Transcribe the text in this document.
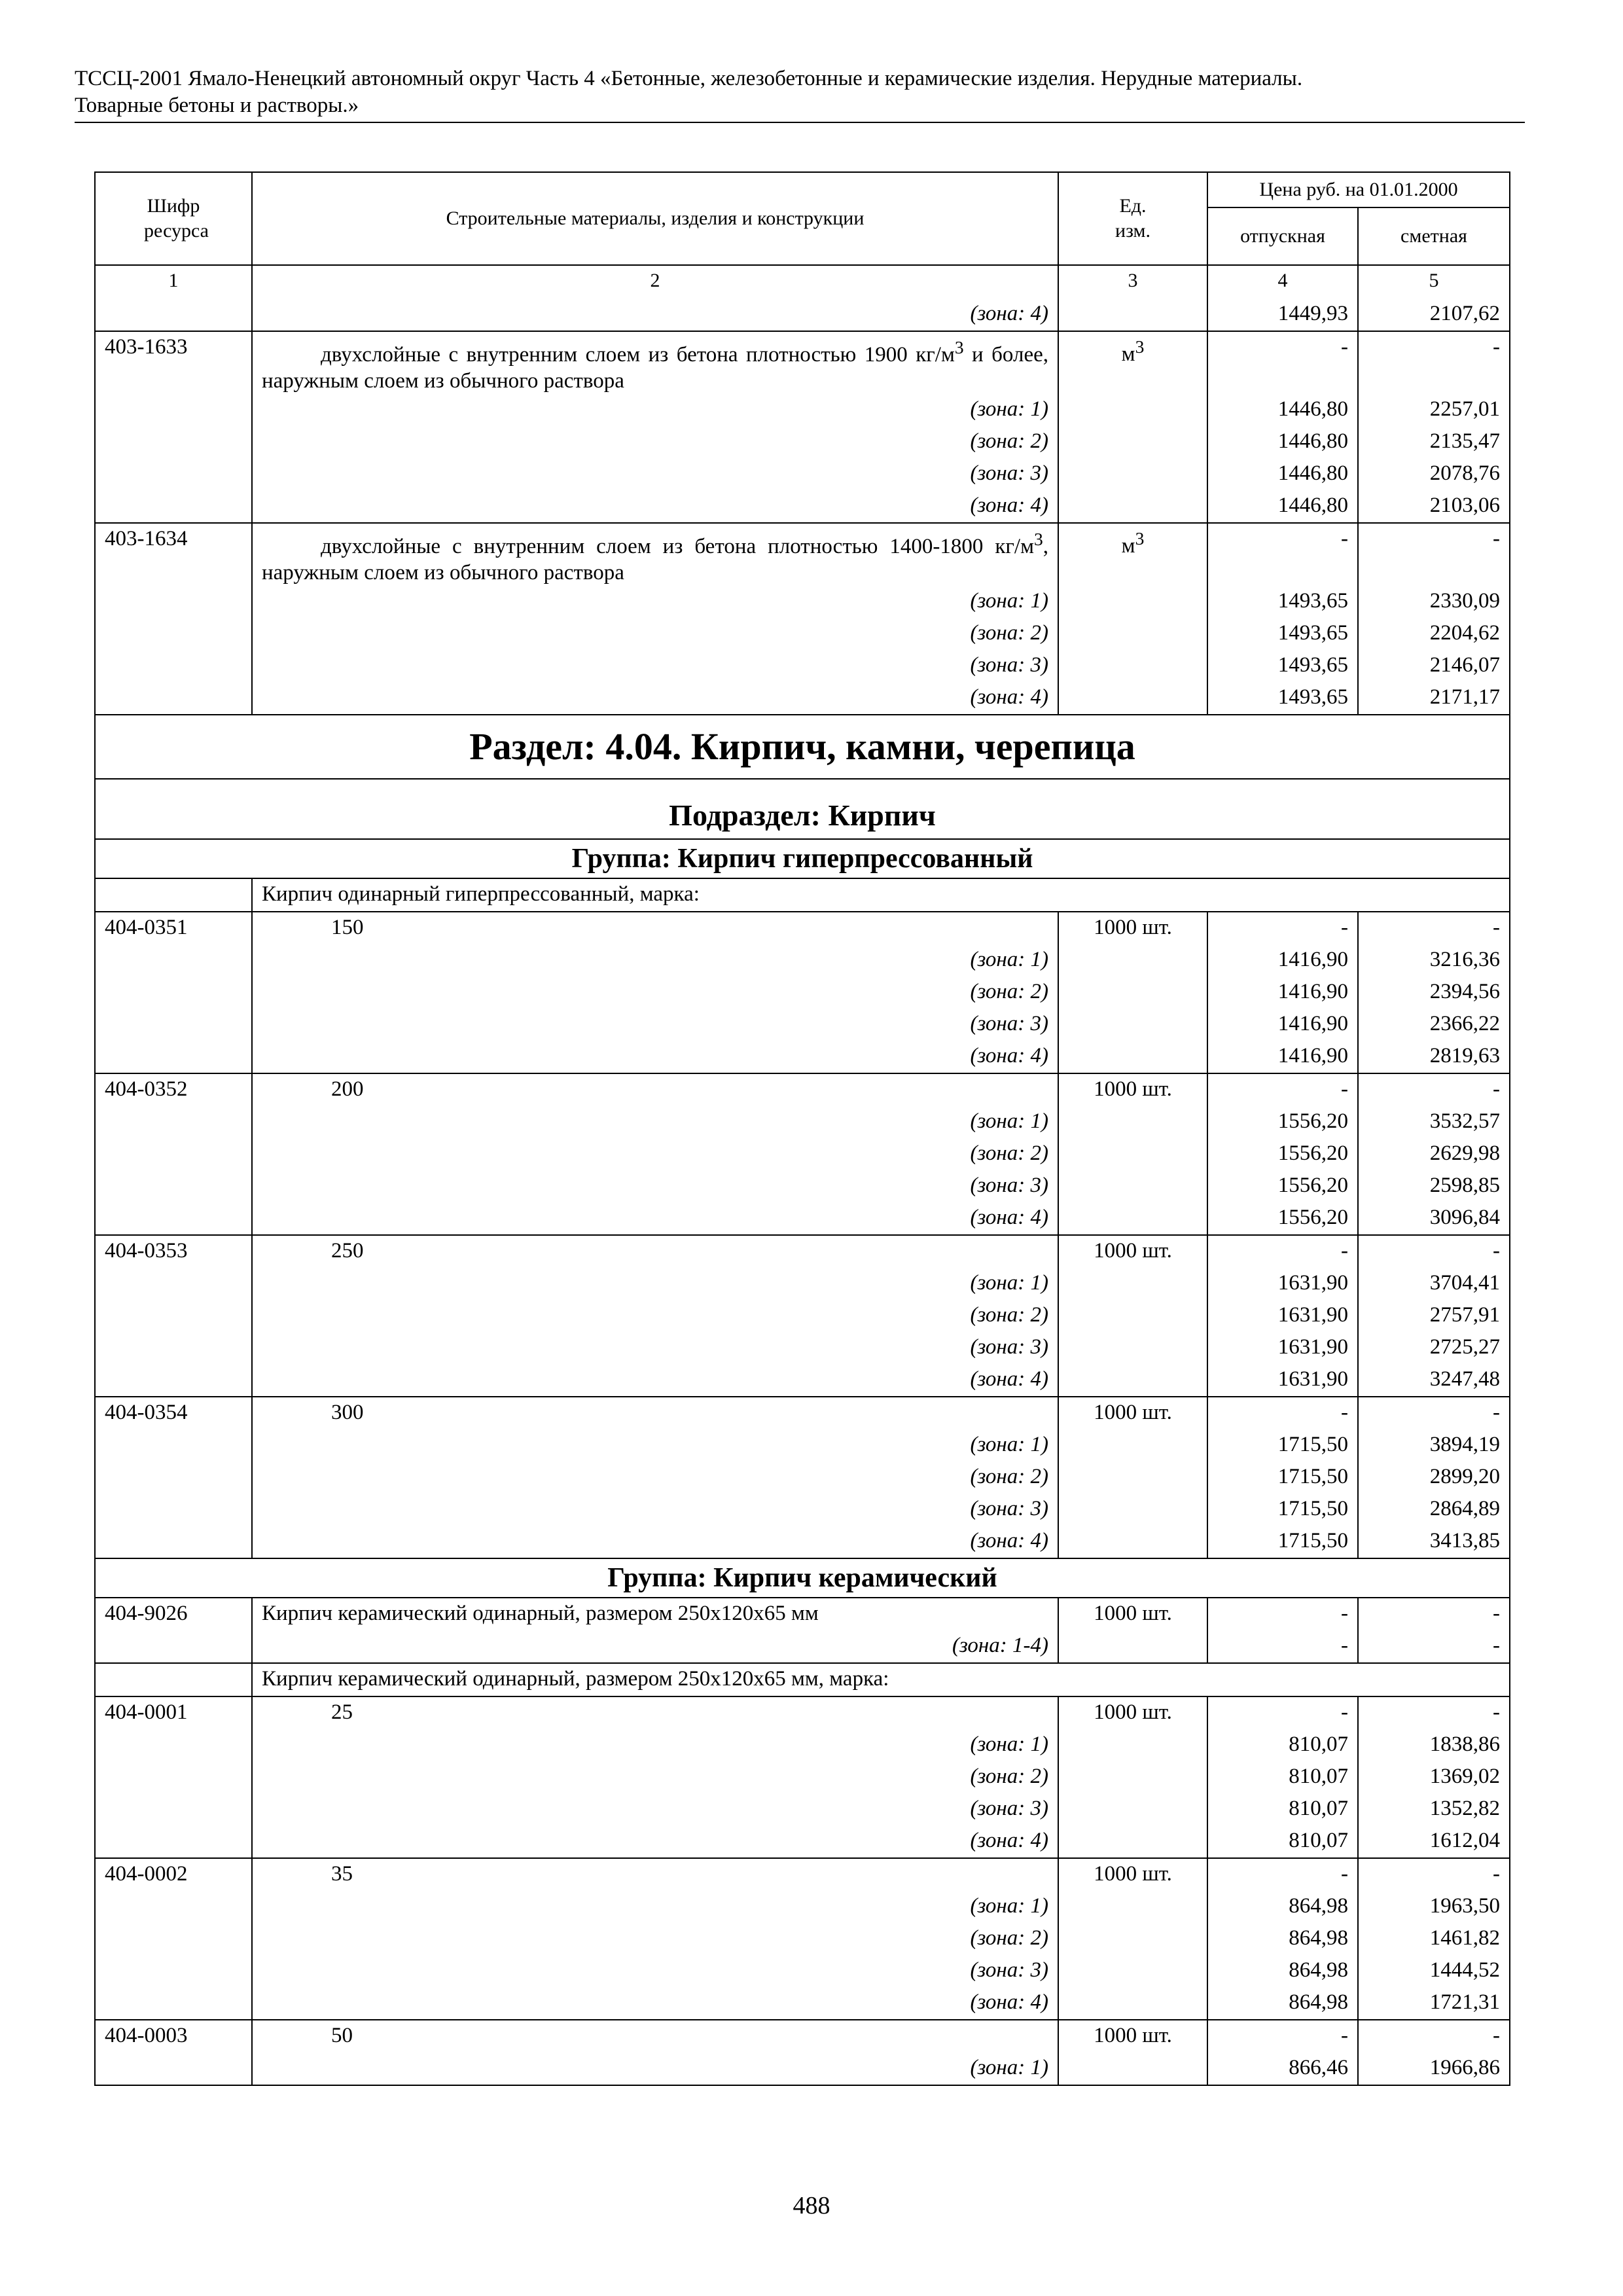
ТССЦ-2001 Ямало-Ненецкий автономный округ Часть 4 «Бетонные, железобетонные и керамические изделия. Нерудные материалы.
Товарные бетоны и растворы.»
Шифр ресурса	Строительные материалы, изделия и конструкции	Ед. изм.	Цена руб. на 01.01.2000	
			отпускная	сметная
1	2	3	4	5
	(зона: 4)		1449,93	2107,62
403-1633	двухслойные с внутренним слоем из бетона плотностью 1900 $кг/м^3$ и более, наружным слоем из обычного раствора	$м^3$	-	-
	(зона: 1)		1446,80	2257,01
	(зона: 2)		1446,80	2135,47
	(зона: 3)		1446,80	2078,76
	(зона: 4)		1446,80	2103,06
403-1634	двухслойные с внутренним слоем из бетона плотностью 1400-1800 $кг/м^3$, наружным слоем из обычного раствора	$м^3$	-	-
	(зона: 1)		1493,65	2330,09
	(зона: 2)		1493,65	2204,62
	(зона: 3)		1493,65	2146,07
	(зона: 4)		1493,65	2171,17
Раздел: 4.04. Кирпич, камни, черепица				
Подраздел: Кирпич				
Группа: Кирпич гиперпрессованный				
	Кирпич одинарный гиперпрессованный, марка:			
404-0351	150	1000 шт.	-	-
	(зона: 1)		1416,90	3216,36
	(зона: 2)		1416,90	2394,56
	(зона: 3)		1416,90	2366,22
	(зона: 4)		1416,90	2819,63
404-0352	200	1000 шт.	-	-
	(зона: 1)		1556,20	3532,57
	(зона: 2)		1556,20	2629,98
	(зона: 3)		1556,20	2598,85
	(зона: 4)		1556,20	3096,84
404-0353	250	1000 шт.	-	-
	(зона: 1)		1631,90	3704,41
	(зона: 2)		1631,90	2757,91
	(зона: 3)		1631,90	2725,27
	(зона: 4)		1631,90	3247,48
404-0354	300	1000 шт.	-	-
	(зона: 1)		1715,50	3894,19
	(зона: 2)		1715,50	2899,20
	(зона: 3)		1715,50	2864,89
	(зона: 4)		1715,50	3413,85
Группа: Кирпич керамический				
404-9026	Кирпич керамический одинарный, размером 250х120х65 мм	1000 шт.	-	-
	(зона: 1-4)		-	-
	Кирпич керамический одинарный, размером 250х120х65 мм, марка:			
404-0001	25	1000 шт.	-	-
	(зона: 1)		810,07	1838,86
	(зона: 2)		810,07	1369,02
	(зона: 3)		810,07	1352,82
	(зона: 4)		810,07	1612,04
404-0002	35	1000 шт.	-	-
	(зона: 1)		864,98	1963,50
	(зона: 2)		864,98	1461,82
	(зона: 3)		864,98	1444,52
	(зона: 4)		864,98	1721,31
404-0003	50	1000 шт.	-	-
	(зона: 1)		866,46	1966,86
488
